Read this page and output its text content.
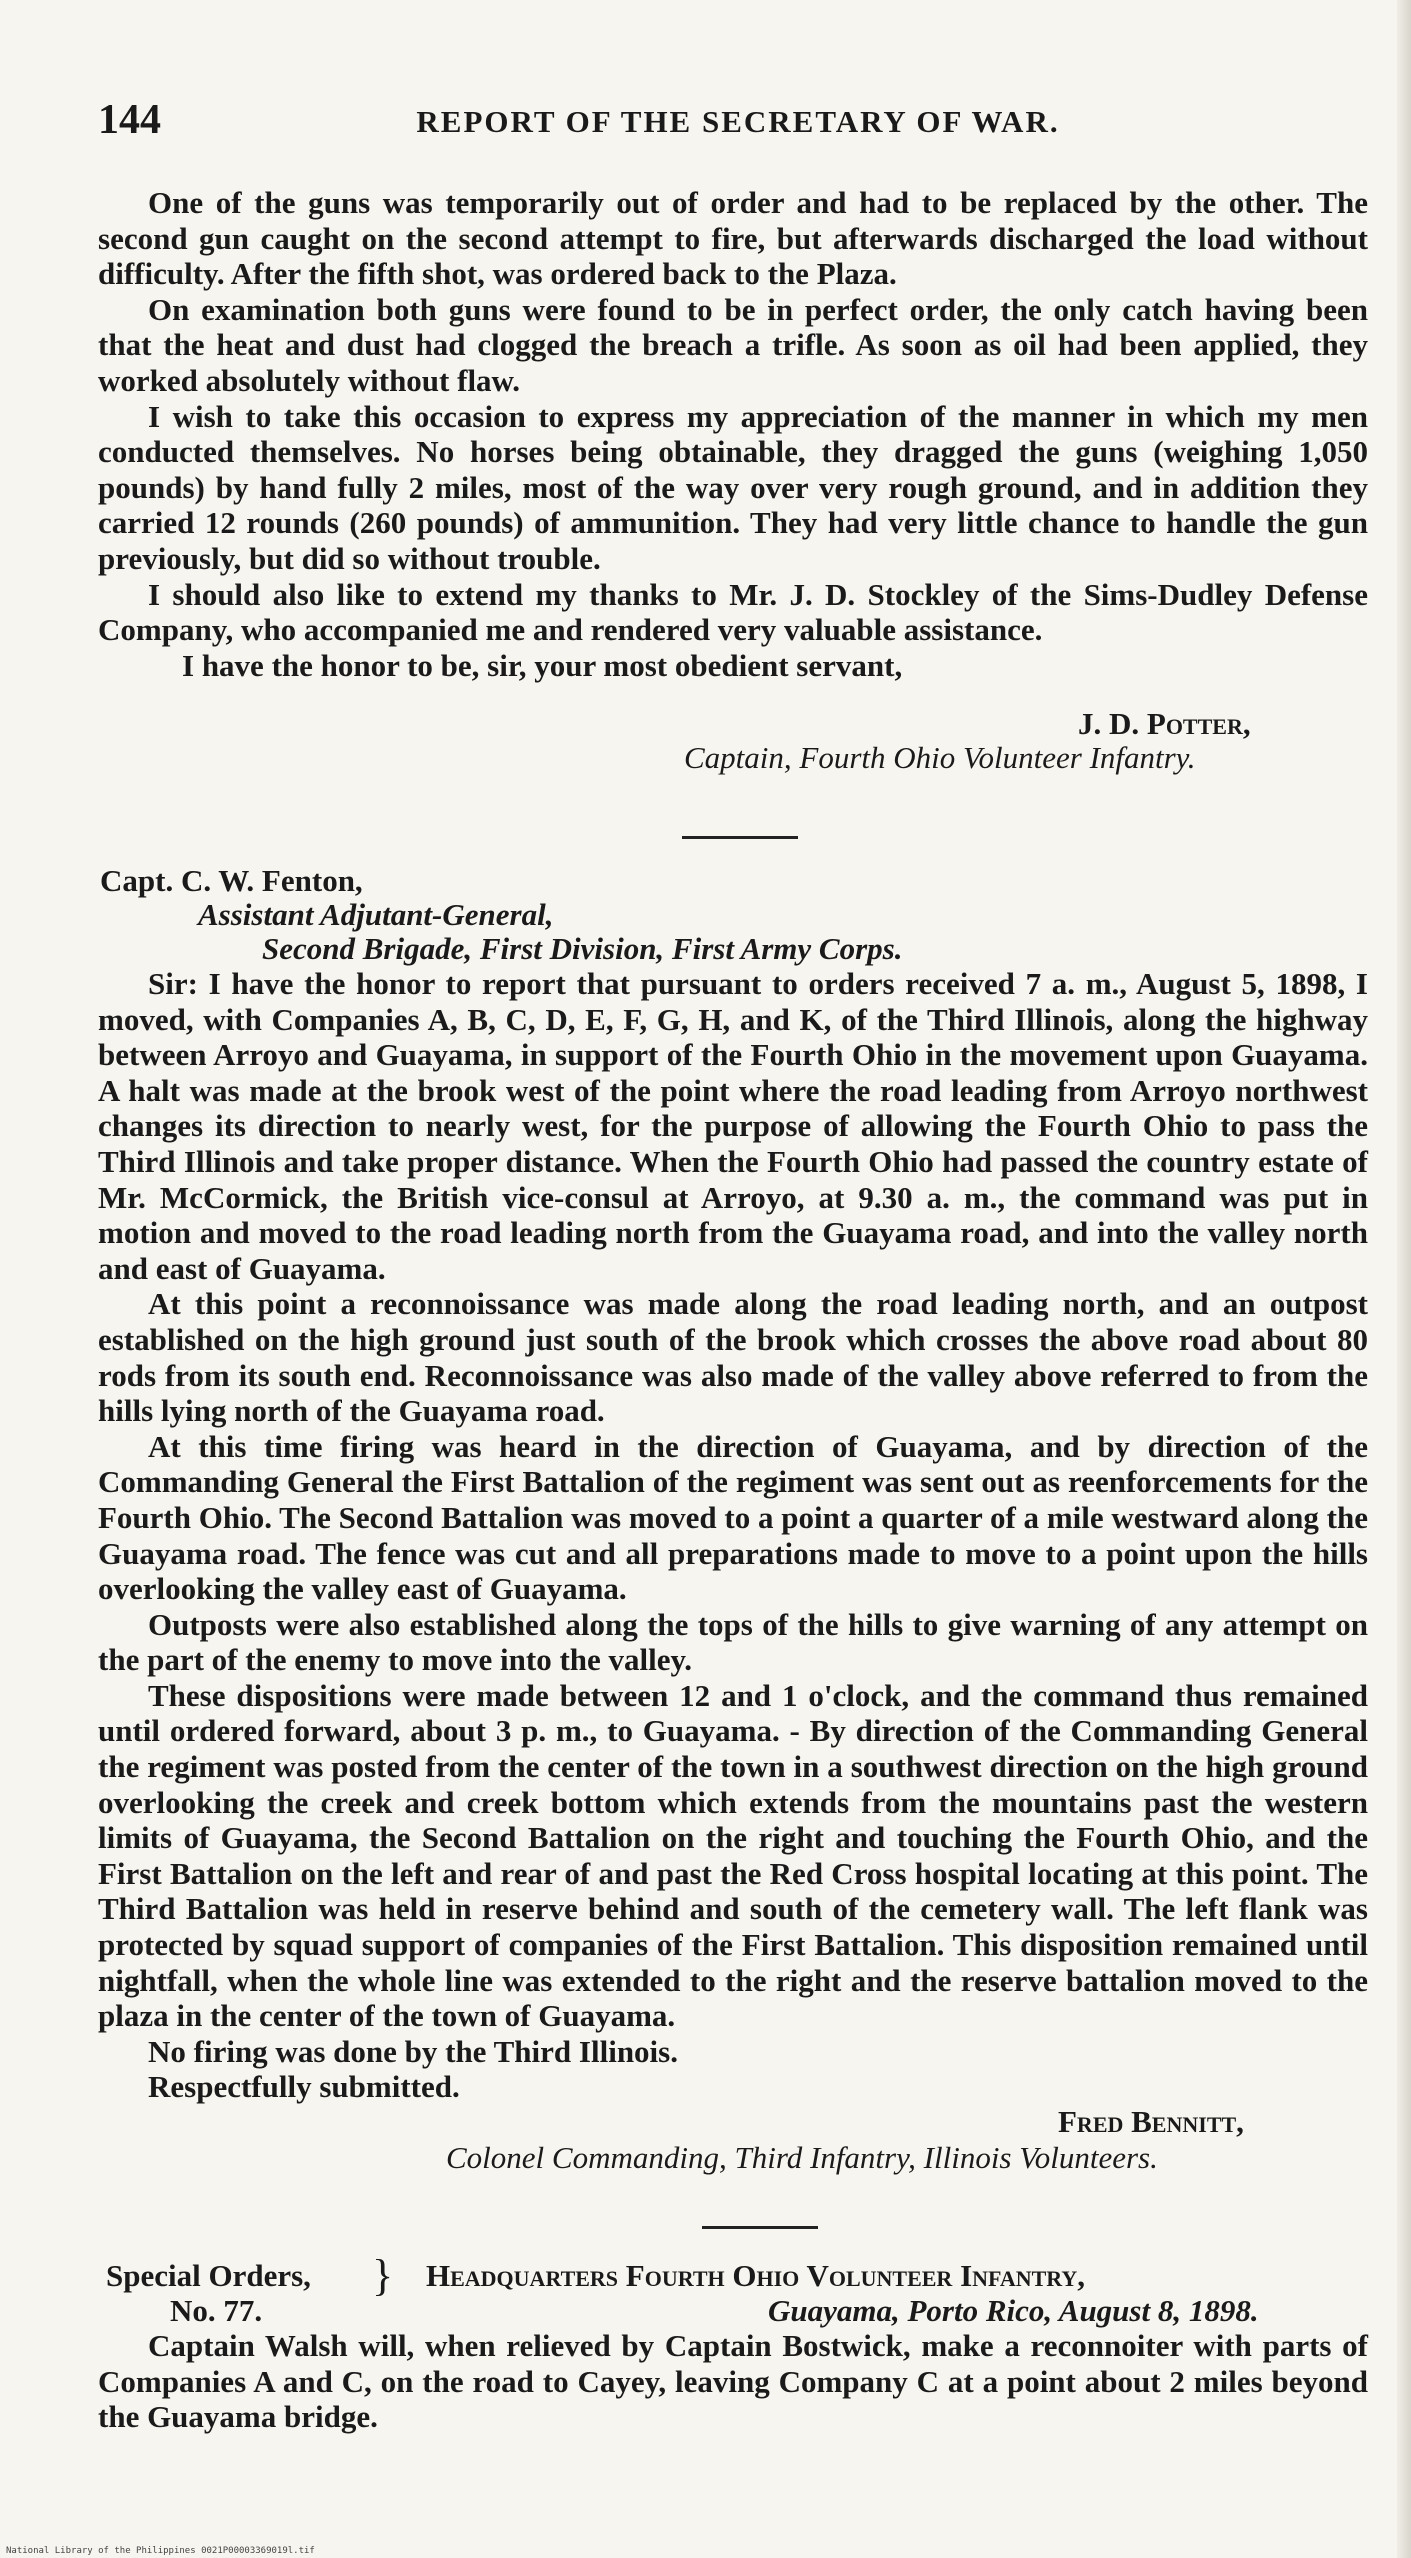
144	REPORT OF THE SECRETARY OF WAR.

One of the guns was temporarily out of order and had to be replaced by the other. The second gun caught on the second attempt to fire, but afterwards discharged the load without difficulty. After the fifth shot, was ordered back to the Plaza.

On examination both guns were found to be in perfect order, the only catch having been that the heat and dust had clogged the breach a trifle. As soon as oil had been applied, they worked absolutely without flaw.

I wish to take this occasion to express my appreciation of the manner in which my men conducted themselves. No horses being obtainable, they dragged the guns (weighing 1,050 pounds) by hand fully 2 miles, most of the way over very rough ground, and in addition they carried 12 rounds (260 pounds) of ammunition. They had very little chance to handle the gun previously, but did so without trouble.

I should also like to extend my thanks to Mr. J. D. Stockley of the Sims-Dudley Defense Company, who accompanied me and rendered very valuable assistance.

I have the honor to be, sir, your most obedient servant,

J. D. Potter,
Captain, Fourth Ohio Volunteer Infantry.
Capt. C. W. Fenton,
Assistant Adjutant-General,
Second Brigade, First Division, First Army Corps.

Sir: I have the honor to report that pursuant to orders received 7 a. m., August 5, 1898, I moved, with Companies A, B, C, D, E, F, G, H, and K, of the Third Illinois, along the highway between Arroyo and Guayama, in support of the Fourth Ohio in the movement upon Guayama. A halt was made at the brook west of the point where the road leading from Arroyo northwest changes its direction to nearly west, for the purpose of allowing the Fourth Ohio to pass the Third Illinois and take proper distance. When the Fourth Ohio had passed the country estate of Mr. McCormick, the British vice-consul at Arroyo, at 9.30 a. m., the command was put in motion and moved to the road leading north from the Guayama road, and into the valley north and east of Guayama.

At this point a reconnoissance was made along the road leading north, and an outpost established on the high ground just south of the brook which crosses the above road about 80 rods from its south end. Reconnoissance was also made of the valley above referred to from the hills lying north of the Guayama road.

At this time firing was heard in the direction of Guayama, and by direction of the Commanding General the First Battalion of the regiment was sent out as reenforcements for the Fourth Ohio. The Second Battalion was moved to a point a quarter of a mile westward along the Guayama road. The fence was cut and all preparations made to move to a point upon the hills overlooking the valley east of Guayama.

Outposts were also established along the tops of the hills to give warning of any attempt on the part of the enemy to move into the valley.

These dispositions were made between 12 and 1 o'clock, and the command thus remained until ordered forward, about 3 p. m., to Guayama. - By direction of the Commanding General the regiment was posted from the center of the town in a southwest direction on the high ground overlooking the creek and creek bottom which extends from the mountains past the western limits of Guayama, the Second Battalion on the right and touching the Fourth Ohio, and the First Battalion on the left and rear of and past the Red Cross hospital locating at this point. The Third Battalion was held in reserve behind and south of the cemetery wall. The left flank was protected by squad support of companies of the First Battalion. This disposition remained until nightfall, when the whole line was extended to the right and the reserve battalion moved to the plaza in the center of the town of Guayama.

No firing was done by the Third Illinois.

Respectfully submitted.

Fred Bennitt,
Colonel Commanding, Third Infantry, Illinois Volunteers.
Special Orders,
No. 77.
} Headquarters Fourth Ohio Volunteer Infantry,
Guayama, Porto Rico, August 8, 1898.

Captain Walsh will, when relieved by Captain Bostwick, make a reconnoiter with parts of Companies A and C, on the road to Cayey, leaving Company C at a point about 2 miles beyond the Guayama bridge.

National Library of the Philippines 0021P00003369019l.tif
